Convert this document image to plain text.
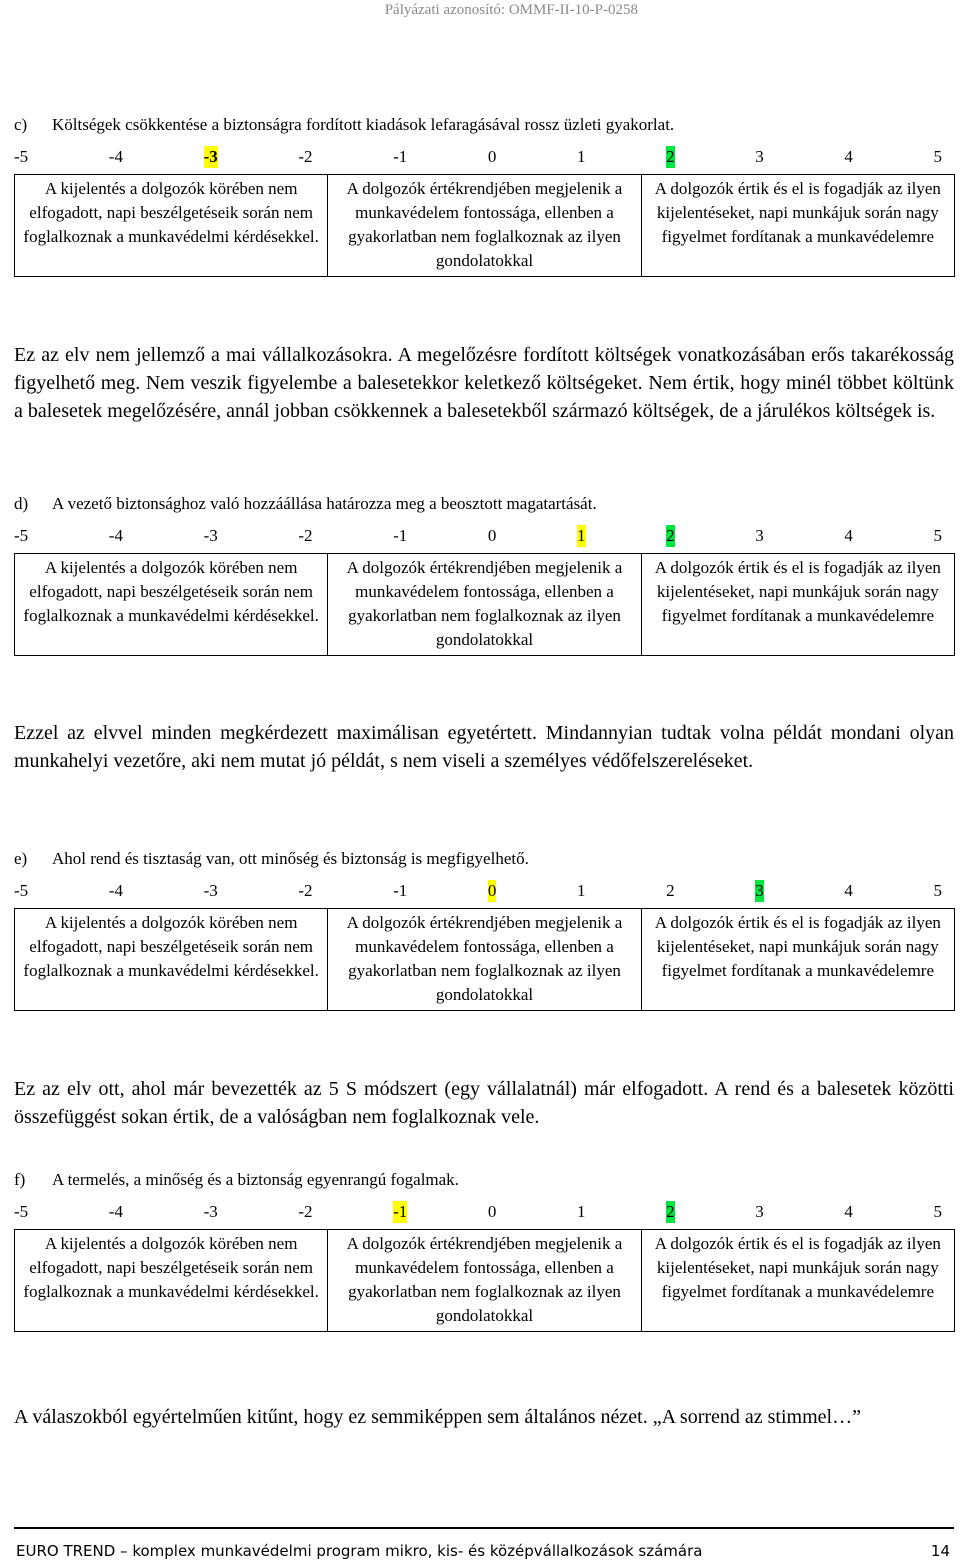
Pályázati azonosító: OMMF-II-10-P-0258
c) Költségek csökkentése a biztonságra fordított kiadások lefaragásával rossz üzleti gyakorlat.
-5	-4	-3	-2	-1	0	1	2	3	4	5
A kijelentés a dolgozók körében nem elfogadott, napi beszélgetéseik során nem foglalkoznak a munkavédelmi kérdésekkel.	A dolgozók értékrendjében megjelenik a munkavédelem fontossága, ellenben a gyakorlatban nem foglalkoznak az ilyen gondolatokkal	A dolgozók értik és el is fogadják az ilyen kijelentéseket, napi munkájuk során nagy figyelmet fordítanak a munkavédelemre

Ez az elv nem jellemző a mai vállalkozásokra. A megelőzésre fordított költségek vonatkozásában erős takarékosság figyelhető meg. Nem veszik figyelembe a balesetekkor keletkező költségeket. Nem értik, hogy minél többet költünk a balesetek megelőzésére, annál jobban csökkennek a balesetekből származó költségek, de a járulékos költségek is.

d) A vezető biztonsághoz való hozzáállása határozza meg a beosztott magatartását.
-5	-4	-3	-2	-1	0	1	2	3	4	5
A kijelentés a dolgozók körében nem elfogadott, napi beszélgetéseik során nem foglalkoznak a munkavédelmi kérdésekkel.	A dolgozók értékrendjében megjelenik a munkavédelem fontossága, ellenben a gyakorlatban nem foglalkoznak az ilyen gondolatokkal	A dolgozók értik és el is fogadják az ilyen kijelentéseket, napi munkájuk során nagy figyelmet fordítanak a munkavédelemre

Ezzel az elvvel minden megkérdezett maximálisan egyetértett. Mindannyian tudtak volna példát mondani olyan munkahelyi vezetőre, aki nem mutat jó példát, s nem viseli a személyes védőfelszereléseket.

e) Ahol rend és tisztaság van, ott minőség és biztonság is megfigyelhető.
-5	-4	-3	-2	-1	0	1	2	3	4	5
A kijelentés a dolgozók körében nem elfogadott, napi beszélgetéseik során nem foglalkoznak a munkavédelmi kérdésekkel.	A dolgozók értékrendjében megjelenik a munkavédelem fontossága, ellenben a gyakorlatban nem foglalkoznak az ilyen gondolatokkal	A dolgozók értik és el is fogadják az ilyen kijelentéseket, napi munkájuk során nagy figyelmet fordítanak a munkavédelemre

Ez az elv ott, ahol már bevezették az 5 S módszert (egy vállalatnál) már elfogadott. A rend és a balesetek közötti összefüggést sokan értik, de a valóságban nem foglalkoznak vele.

f) A termelés, a minőség és a biztonság egyenrangú fogalmak.
-5	-4	-3	-2	-1	0	1	2	3	4	5
A kijelentés a dolgozók körében nem elfogadott, napi beszélgetéseik során nem foglalkoznak a munkavédelmi kérdésekkel.	A dolgozók értékrendjében megjelenik a munkavédelem fontossága, ellenben a gyakorlatban nem foglalkoznak az ilyen gondolatokkal	A dolgozók értik és el is fogadják az ilyen kijelentéseket, napi munkájuk során nagy figyelmet fordítanak a munkavédelemre

A válaszokból egyértelműen kitűnt, hogy ez semmiképpen sem általános nézet. „A sorrend az stimmel…”

EURO TREND – komplex munkavédelmi program mikro, kis- és középvállalkozások számára	14
